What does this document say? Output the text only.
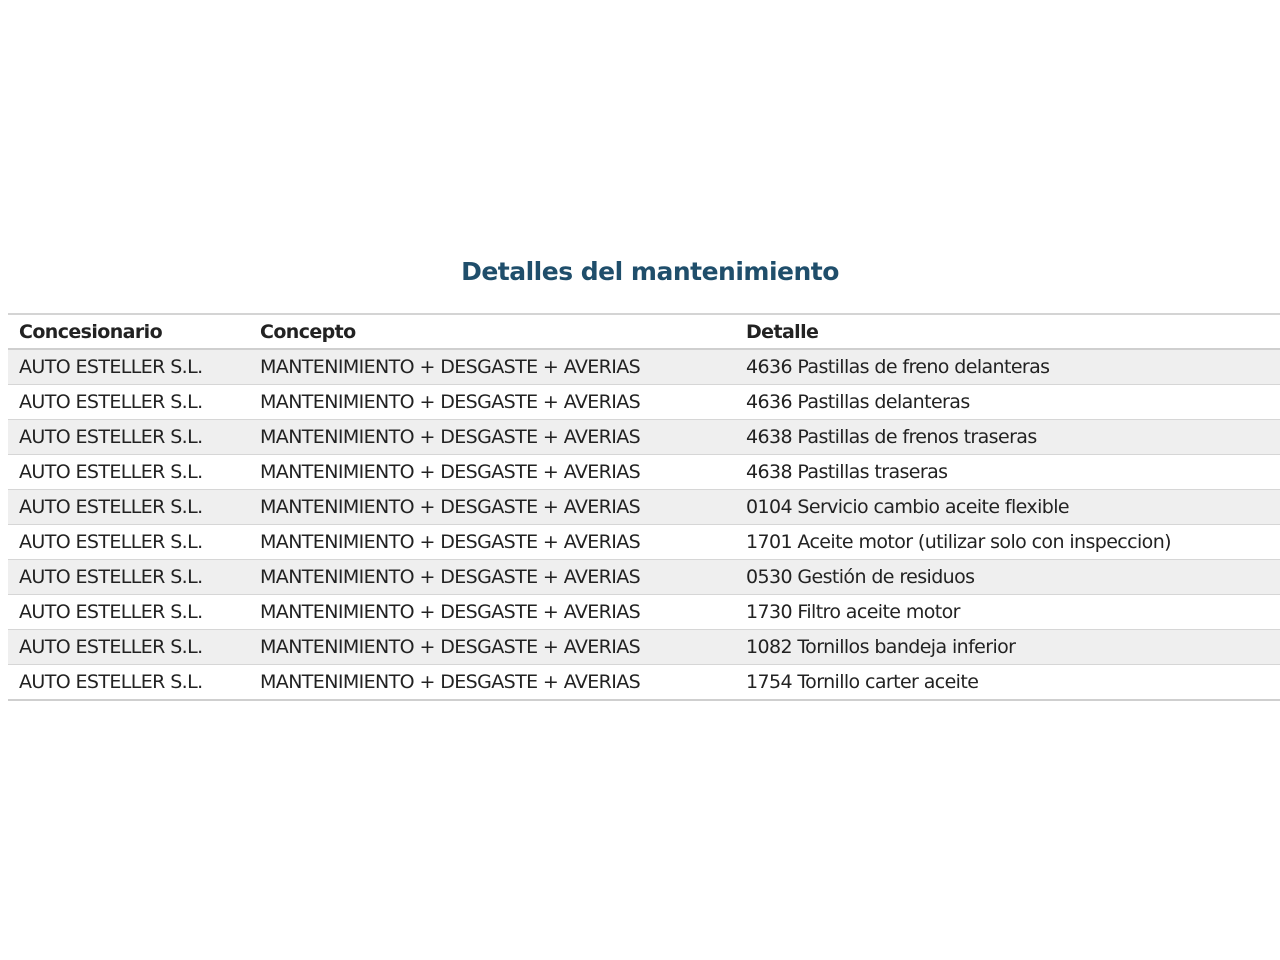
Detalles del mantenimiento
Concesionario	Concepto	Detalle
AUTO ESTELLER S.L.	MANTENIMIENTO + DESGASTE + AVERIAS	4636 Pastillas de freno delanteras
AUTO ESTELLER S.L.	MANTENIMIENTO + DESGASTE + AVERIAS	4636 Pastillas delanteras
AUTO ESTELLER S.L.	MANTENIMIENTO + DESGASTE + AVERIAS	4638 Pastillas de frenos traseras
AUTO ESTELLER S.L.	MANTENIMIENTO + DESGASTE + AVERIAS	4638 Pastillas traseras
AUTO ESTELLER S.L.	MANTENIMIENTO + DESGASTE + AVERIAS	0104 Servicio cambio aceite flexible
AUTO ESTELLER S.L.	MANTENIMIENTO + DESGASTE + AVERIAS	1701 Aceite motor (utilizar solo con inspeccion)
AUTO ESTELLER S.L.	MANTENIMIENTO + DESGASTE + AVERIAS	0530 Gestión de residuos
AUTO ESTELLER S.L.	MANTENIMIENTO + DESGASTE + AVERIAS	1730 Filtro aceite motor
AUTO ESTELLER S.L.	MANTENIMIENTO + DESGASTE + AVERIAS	1082 Tornillos bandeja inferior
AUTO ESTELLER S.L.	MANTENIMIENTO + DESGASTE + AVERIAS	1754 Tornillo carter aceite
